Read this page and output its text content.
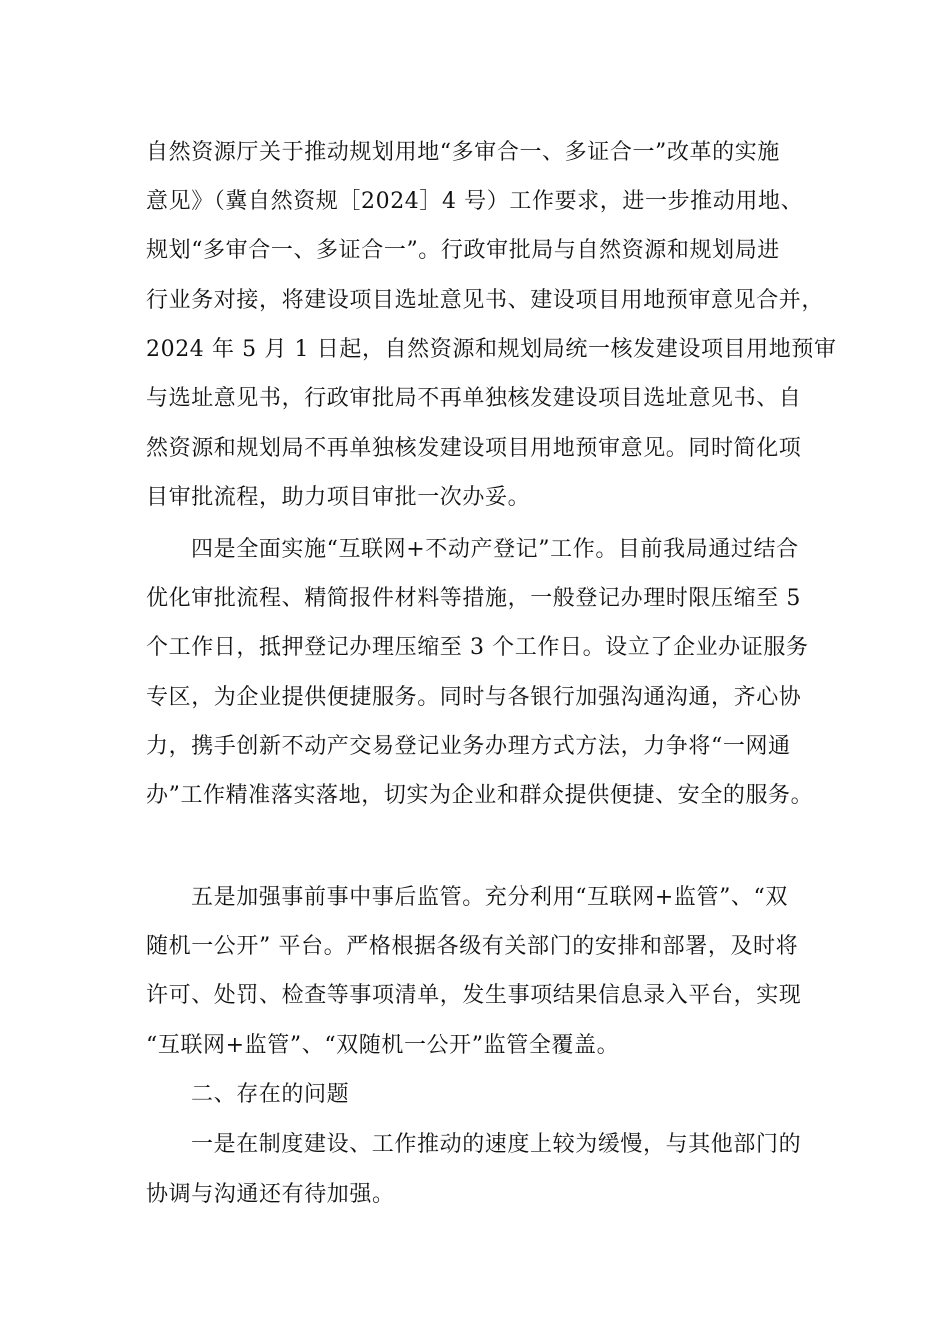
自然资源厅关于推动规划用地“多审合一、多证合一”改革的实施
意见》（冀自然资规［2024］4 号）工作要求，进一步推动用地、
规划“多审合一、多证合一”。行政审批局与自然资源和规划局进
行业务对接，将建设项目选址意见书、建设项目用地预审意见合并，
2024 年 5 月 1 日起，自然资源和规划局统一核发建设项目用地预审
与选址意见书，行政审批局不再单独核发建设项目选址意见书、自
然资源和规划局不再单独核发建设项目用地预审意见。同时简化项
目审批流程，助力项目审批一次办妥。
四是全面实施“互联网+不动产登记”工作。目前我局通过结合
优化审批流程、精简报件材料等措施，一般登记办理时限压缩至 5
个工作日，抵押登记办理压缩至 3 个工作日。设立了企业办证服务
专区，为企业提供便捷服务。同时与各银行加强沟通沟通，齐心协
力，携手创新不动产交易登记业务办理方式方法，力争将“一网通
办”工作精准落实落地，切实为企业和群众提供便捷、安全的服务。
五是加强事前事中事后监管。充分利用“互联网+监管”、“双
随机一公开” 平台。严格根据各级有关部门的安排和部署，及时将
许可、处罚、检查等事项清单，发生事项结果信息录入平台，实现
“互联网+监管”、“双随机一公开”监管全覆盖。
二、存在的问题
一是在制度建设、工作推动的速度上较为缓慢，与其他部门的
协调与沟通还有待加强。
